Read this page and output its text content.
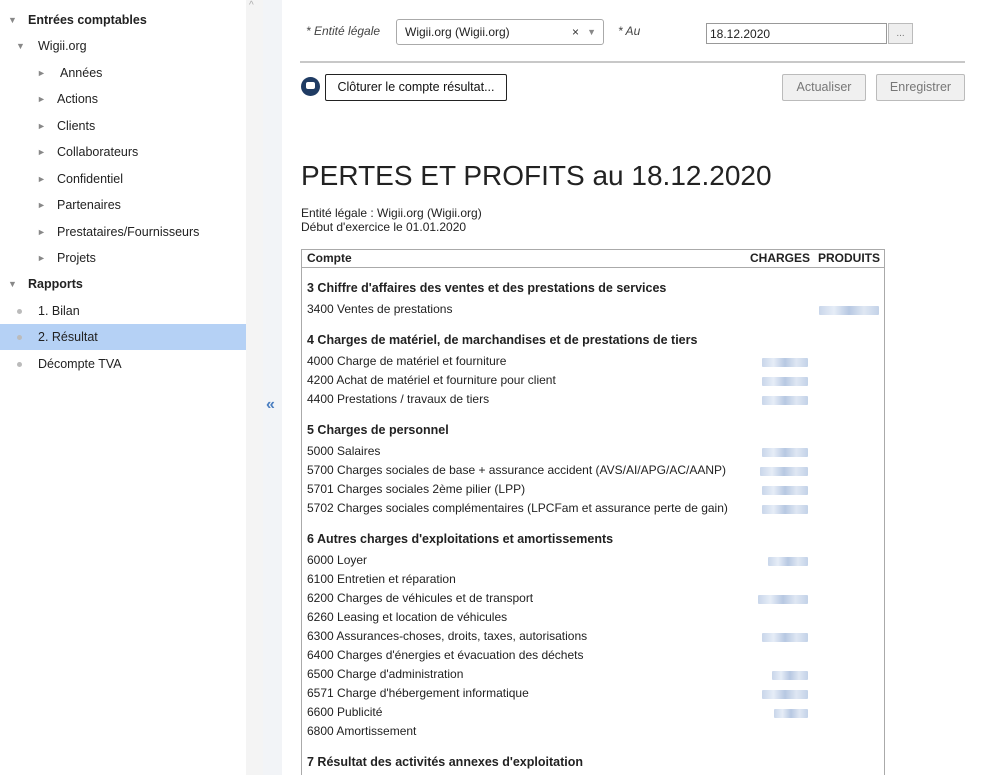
▼ Entrées comptables
▼ Wigii.org
► Années
► Actions
► Clients
► Collaborateurs
► Confidentiel
► Partenaires
► Prestataires/Fournisseurs
► Projets
▼ Rapports
1. Bilan
2. Résultat
Décompte TVA
^
«
* Entité légale	Wigii.org (Wigii.org)	× ▼ * Au
18.12.2020	...
Clôturer le compte résultat...	Actualiser	Enregistrer
PERTES ET PROFITS au 18.12.2020
Entité légale : Wigii.org (Wigii.org)
Début d'exercice le 01.01.2020
Compte	CHARGES PRODUITS
3 Chiffre d'affaires des ventes et des prestations de services
3400 Ventes de prestations
4 Charges de matériel, de marchandises et de prestations de tiers
4000 Charge de matériel et fourniture
4200 Achat de matériel et fourniture pour client
4400 Prestations / travaux de tiers
5 Charges de personnel
5000 Salaires
5700 Charges sociales de base + assurance accident (AVS/AI/APG/AC/AANP)
5701 Charges sociales 2ème pilier (LPP)
5702 Charges sociales complémentaires (LPCFam et assurance perte de gain)
6 Autres charges d'exploitations et amortissements
6000 Loyer
6100 Entretien et réparation
6200 Charges de véhicules et de transport
6260 Leasing et location de véhicules
6300 Assurances-choses, droits, taxes, autorisations
6400 Charges d'énergies et évacuation des déchets
6500 Charge d'administration
6571 Charge d'hébergement informatique
6600 Publicité
6800 Amortissement
7 Résultat des activités annexes d'exploitation
